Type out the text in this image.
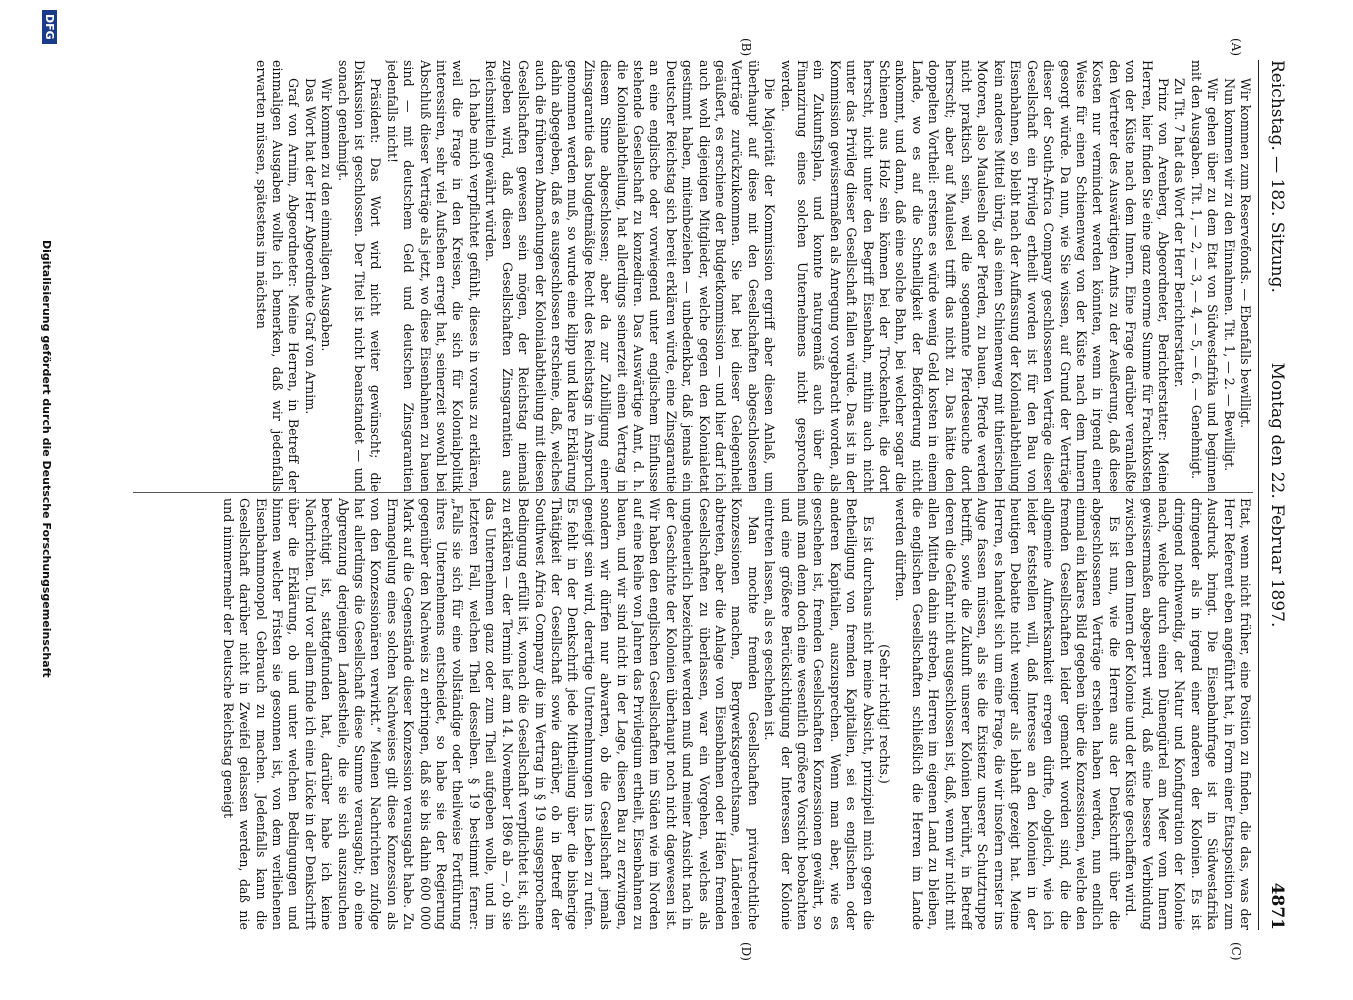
Reichstag. — 182. Sitzung.
Montag den 22. Februar 1897.
4871
(A)
(B)
(C)
(D)

Wir kommen zum Reservefonds. — Ebenfalls bewilligt.

Nun kommen wir zu den Einnahmen. Tit. 1, — 2. — Bewilligt.

Wir gehen über zu dem Etat von Südwestafrika und beginnen mit den Ausgaben. Tit. 1, — 2, — 3, — 4, — 5, — 6. — Genehmigt.

Zu Tit. 7 hat das Wort der Herr Berichterstatter.

Prinz von Arenberg, Abgeordneter, Berichterstatter: Meine Herren, hier finden Sie eine ganz enorme Summe für Frachtkosten von der Küste nach dem Innern. Eine Frage darüber veranlaßte den Vertreter des Auswärtigen Amts zu der Aeußerung, daß diese Kosten nur vermindert werden könnten, wenn in irgend einer Weise für einen Schienenweg von der Küste nach dem Innern gesorgt würde. Da nun, wie Sie wissen, auf Grund der Verträge dieser der South-Africa Company geschlossenen Verträge dieser Gesellschaft ein Privileg ertheilt worden ist für den Bau von Eisenbahnen, so bleibt nach der Auffassung der Kolonialabtheilung kein anderes Mittel übrig, als einen Schienenweg mit thierischen Motoren, also Mauleseln oder Pferden, zu bauen. Pferde werden nicht praktisch sein, weil die sogenannte Pferdeseuche dort herrscht; aber auf Maulesel trifft das nicht zu. Das hätte den doppelten Vortheil: erstens es würde wenig Geld kosten in einem Lande, wo es auf die Schnelligkeit der Beförderung nicht ankommt, und dann, daß eine solche Bahn, bei welcher sogar die Schienen aus Holz sein können bei der Trockenheit, die dort herrscht, nicht unter den Begriff Eisenbahn, mithin auch nicht unter das Privileg dieser Gesellschaft fallen würde. Das ist in der Kommission gewissermaßen als Anregung vorgebracht worden, als ein Zukunftsplan, und konnte naturgemäß auch über die Finanzirung eines solchen Unternehmens nicht gesprochen werden.

Die Majorität der Kommission ergriff aber diesen Anlaß, um überhaupt auf diese mit den Gesellschaften abgeschlossenen Verträge zurückzukommen. Sie hat bei dieser Gelegenheit geäußert, es erschiene der Budgetkommission — und hier darf ich auch wohl diejenigen Mitglieder, welche gegen den Kolonialetat gestimmt haben, miteinbeziehen — unbedenkbar, daß jemals ein Deutscher Reichstag sich bereit erklären würde, eine Zinsgarantie an eine englische oder vorwiegend unter englischem Einflusse stehende Gesellschaft zu konzediren. Das Auswärtige Amt, d. h. die Kolonialabtheilung, hat allerdings seinerzeit einen Vertrag in diesem Sinne abgeschlossen; aber da zur Zubilligung einer Zinsgarantie das budgetmäßige Recht des Reichstags in Anspruch genommen werden muß, so wurde eine klipp und klare Erklärung dahin abgegeben, daß es ausgeschlossen erscheine, daß, welches auch die früheren Abmachungen der Kolonialabtheilung mit diesen Gesellschaften gewesen sein mögen, der Reichstag niemals zugeben wird, daß diesen Gesellschaften Zinsgarantien aus Reichsmitteln gewährt würden.

Ich habe mich verpflichtet gefühlt, dieses in voraus zu erklären, weil die Frage in den Kreisen, die sich für Kolonialpolitik interessiren, sehr viel Aufsehen erregt hat, seinerzeit sowohl bei Abschluß dieser Verträge als jetzt, wo diese Eisenbahnen zu bauen sind — mit deutschem Geld und deutschen Zinsgarantien jedenfalls nicht!

Präsident: Das Wort wird nicht weiter gewünscht; die Diskussion ist geschlossen. Der Titel ist nicht beanstandet — und sonach genehmigt.

Wir kommen zu den einmaligen Ausgaben.

Das Wort hat der Herr Abgeordnete Graf von Arnim.

Graf von Arnim, Abgeordneter: Meine Herren, in Betreff der einmaligen Ausgaben wollte ich bemerken, daß wir jedenfalls erwarten müssen, spätestens im nächsten

Etat, wenn nicht früher, eine Position zu finden, die das, was der Herr Referent eben angeführt hat, in Form einer Etatsposition zum Ausdruck bringt. Die Eisenbahnfrage ist in Südwestafrika dringender als in irgend einer anderen der Kolonien. Es ist dringend nothwendig, der Natur und Konfiguration der Kolonie nach, welche durch einen Dünengürtel am Meer vom Innern gewissermaßen abgesperrt wird, daß eine bessere Verbindung zwischen dem Innern der Kolonie und der Küste geschaffen wird.

Es ist nun, wie die Herren aus der Denkschrift über die abgeschlossenen Verträge ersehen haben werden, nun endlich einmal ein klares Bild gegeben über die Konzessionen, welche den fremden Gesellschaften leider gemacht worden sind, die die allgemeine Aufmerksamkeit erregen dürfte, obgleich, wie ich leider feststellen will, daß Interesse an den Kolonien in der heutigen Debatte nicht weniger als lebhaft gezeigt hat. Meine Herren, es handelt sich um eine Frage, die wir insofern ernster ins Auge fassen müssen, als sie die Existenz unserer Schutztruppe betrifft, sowie die Zukunft unserer Kolonien berührt, in Betreff deren die Gefahr nicht ausgeschlossen ist, daß, wenn wir nicht mit allen Mitteln dahin streben, Herren im eigenen Land zu bleiben, die englischen Gesellschaften schließlich die Herren im Lande werden dürften.

(Sehr richtig! rechts.)

Es ist durchaus nicht meine Absicht, prinzipiell mich gegen die Betheiligung von fremden Kapitalien, sei es englischen oder anderen Kapitalien, auszusprechen. Wenn man aber, wie es geschehen ist, fremden Gesellschaften Konzessionen gewährt, so muß man denn doch eine wesentlich größere Vorsicht beobachten und eine größere Berücksichtigung der Interessen der Kolonie eintreten lassen, als es geschehen ist.

Man mochte fremden Gesellschaften privatrechtliche Konzessionen machen, Bergwerksgerechtsame, Ländereien abtreten, aber die Anlage von Eisenbahnen oder Häfen fremden Gesellschaften zu überlassen, war ein Vorgehen, welches als ungeheuerlich bezeichnet werden muß und meiner Ansicht nach in der Geschichte der Kolonien überhaupt noch nicht dagewesen ist. Wir haben den englischen Gesellschaften im Süden wie im Norden auf eine Reihe von Jahren das Privilegium ertheilt, Eisenbahnen zu bauen, und wir sind nicht in der Lage, diesen Bau zu erzwingen, sondern wir dürfen nur abwarten, ob die Gesellschaft jemals geneigt sein wird, derartige Unternehmungen ins Leben zu rufen. Es fehlt in der Denkschrift jede Mittheilung über die bisherige Thätigkeit der Gesellschaft sowie darüber, ob in Betreff der Southwest Africa Company die im Vertrag in § 19 ausgesprochene Bedingung erfüllt ist, wonach die Gesellschaft verpflichtet ist, sich zu erklären — der Termin lief am 14. November 1896 ab —, ob sie das Unternehmen ganz oder zum Theil aufgeben wolle, und im letzteren Fall, welchen Theil desselben. § 19 bestimmt ferner: „Falls sie sich für eine vollständige oder theilweise Fortführung ihres Unternehmens entscheidet, so habe sie der Regierung gegenüber den Nachweis zu erbringen, daß sie bis dahin 600 000 Mark auf die Gegenstände dieser Konzession verausgabt habe. Zu Ermangelung eines solchen Nachweises gilt diese Konzession als von den Konzessionären verwirkt.“ Meinen Nachrichten zufolge hat allerdings die Gesellschaft diese Summe verausgabt; ob eine Abgrenzung derjenigen Landestheile, die sie sich auszusuchen berechtigt ist, stattgefunden hat, darüber habe ich keine Nachrichten. Und vor allem finde ich eine Lücke in der Denkschrift über die Erklärung, ob und unter welchen Bedingungen und binnen welcher Fristen sie gesonnen ist, von dem verliehenen Eisenbahnmonopol Gebrauch zu machen. Jedenfalls kann die Gesellschaft darüber nicht in Zweifel gelassen werden, daß nie und nimmermehr der Deutsche Reichstag geneigt

Digitalisierung gefördert durch die Deutsche Forschungsgemeinschaft
DFG
